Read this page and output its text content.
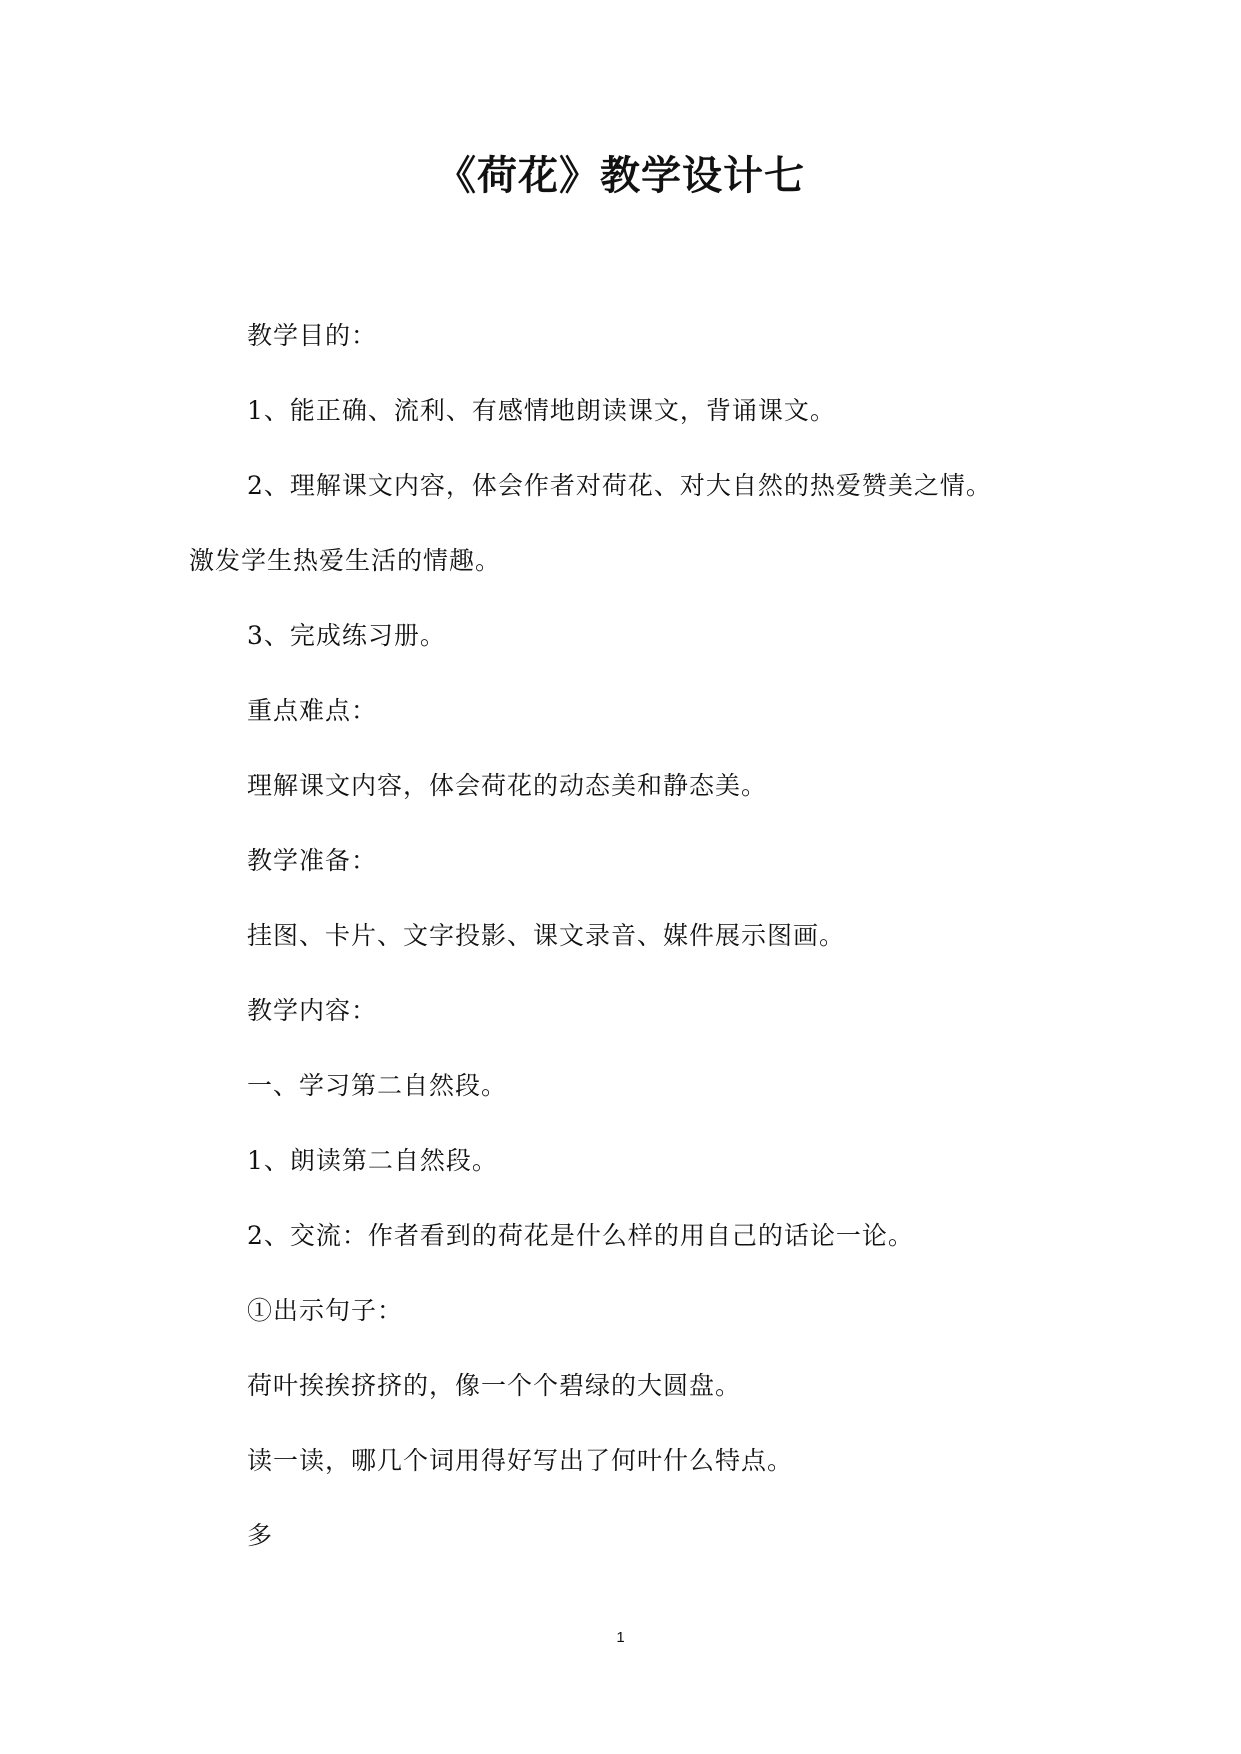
《荷花》教学设计七
教学目的：
1、能正确、流利、有感情地朗读课文，背诵课文。
2、理解课文内容，体会作者对荷花、对大自然的热爱赞美之情。
激发学生热爱生活的情趣。
3、完成练习册。
重点难点：
理解课文内容，体会荷花的动态美和静态美。
教学准备：
挂图、卡片、文字投影、课文录音、媒件展示图画。
教学内容：
一、学习第二自然段。
1、朗读第二自然段。
2、交流：作者看到的荷花是什么样的用自己的话论一论。
①出示句子：
荷叶挨挨挤挤的，像一个个碧绿的大圆盘。
读一读，哪几个词用得好写出了何叶什么特点。
多
1
